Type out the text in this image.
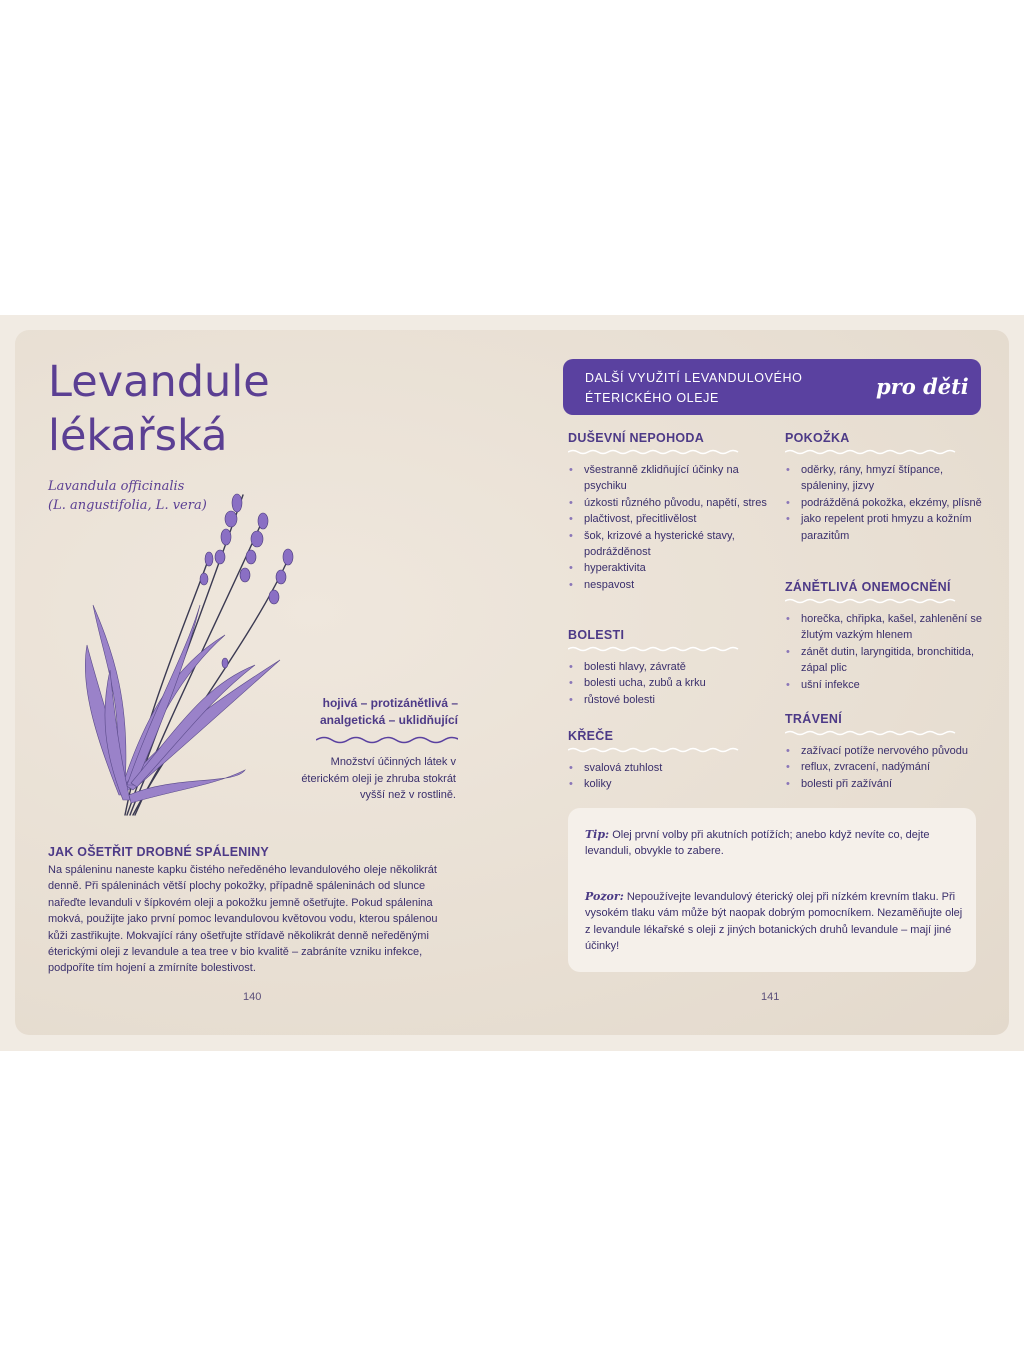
Levandule
lékařská
Lavandula officinalis
(L. angustifolia, L. vera)
hojivá – protizánětlivá –
analgetická – uklidňující
Množství účinných látek v éterickém oleji je zhruba stokrát vyšší než v rostlině.
JAK OŠETŘIT DROBNÉ SPÁLENINY
Na spáleninu naneste kapku čistého neředěného levandulového oleje několikrát denně. Při spáleninách větší plochy pokožky, případně spáleninách od slunce nařeďte levanduli v šípkovém oleji a pokožku jemně ošetřujte. Pokud spálenina mokvá, použijte jako první pomoc levandulovou květovou vodu, kterou spálenou kůži zastřikujte. Mokvající rány ošetřujte střídavě několikrát denně neředěnými éterickými oleji z levandule a tea tree v bio kvalitě – zabráníte vzniku infekce, podpoříte tím hojení a zmírníte bolestivost.
140
DALŠÍ VYUŽITÍ LEVANDULOVÉHO
ÉTERICKÉHO OLEJE	pro děti
DUŠEVNÍ NEPOHODA
• všestranně zklidňující účinky na psychiku
• úzkosti různého původu, napětí, stres
• plačtivost, přecitlivělost
• šok, krizové a hysterické stavy, podrážděnost
• hyperaktivita
• nespavost
BOLESTI
• bolesti hlavy, závratě
• bolesti ucha, zubů a krku
• růstové bolesti
KŘEČE
• svalová ztuhlost
• koliky
POKOŽKA
• oděrky, rány, hmyzí štípance, spáleniny, jizvy
• podrážděná pokožka, ekzémy, plísně
• jako repelent proti hmyzu a kožním parazitům
ZÁNĚTLIVÁ ONEMOCNĚNÍ
• horečka, chřipka, kašel, zahlenění se žlutým vazkým hlenem
• zánět dutin, laryngitida, bronchitida, zápal plic
• ušní infekce
TRÁVENÍ
• zažívací potíže nervového původu
• reflux, zvracení, nadýmání
• bolesti při zažívání
Tip: Olej první volby při akutních potížích; anebo když nevíte co, dejte levanduli, obvykle to zabere.
Pozor: Nepoužívejte levandulový éterický olej při nízkém krevním tlaku. Při vysokém tlaku vám může být naopak dobrým pomocníkem. Nezaměňujte olej z levandule lékařské s oleji z jiných botanických druhů levandule – mají jiné účinky!
141
